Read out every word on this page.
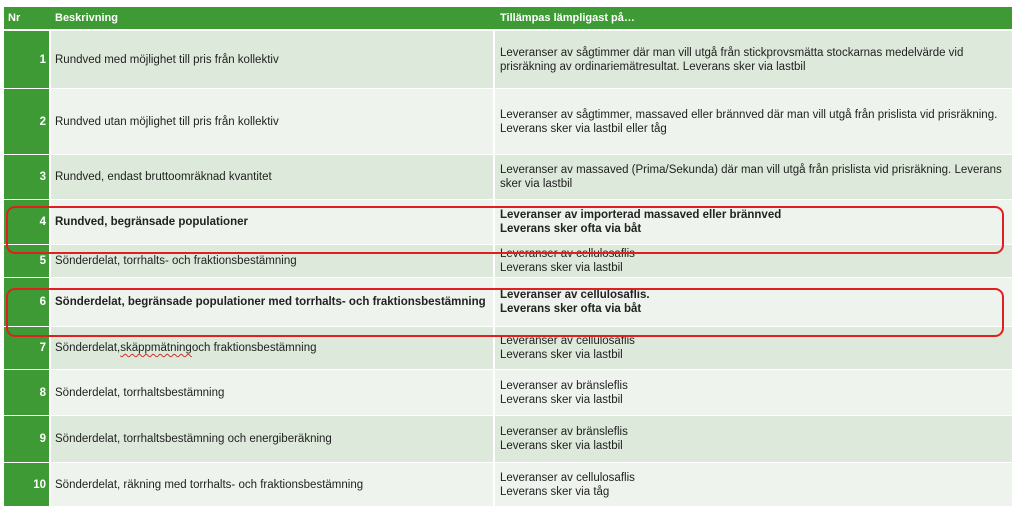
Nr	Beskrivning	Tillämpas lämpligast på…
1 Rundved med möjlighet till pris från kollektiv
Leveranser av sågtimmer där man vill utgå från stickprovsmätta stockarnas medelvärde vid
prisräkning av ordinariemätresultat. Leverans sker via lastbil
2 Rundved utan möjlighet till pris från kollektiv
Leveranser av sågtimmer, massaved eller brännved där man vill utgå från prislista vid prisräkning.
Leverans sker via lastbil eller tåg
3 Rundved, endast bruttoomräknad kvantitet
Leveranser av massaved (Prima/Sekunda) där man vill utgå från prislista vid prisräkning. Leverans
sker via lastbil
4 Rundved, begränsade populationer
Leveranser av importerad massaved eller brännved
Leverans sker ofta via båt
5 Sönderdelat, torrhalts- och fraktionsbestämning
Leveranser av cellulosaflis
Leverans sker via lastbil
6 Sönderdelat, begränsade populationer med torrhalts- och fraktionsbestämning
Leveranser av cellulosaflis.
Leverans sker ofta via båt
7 Sönderdelat, skäppmätning och fraktionsbestämning
Leveranser av cellulosaflis
Leverans sker via lastbil
8 Sönderdelat, torrhaltsbestämning
Leveranser av bränsleflis
Leverans sker via lastbil
9 Sönderdelat, torrhaltsbestämning och energiberäkning
Leveranser av bränsleflis
Leverans sker via lastbil
10 Sönderdelat, räkning med torrhalts- och fraktionsbestämning
Leveranser av cellulosaflis
Leverans sker via tåg
